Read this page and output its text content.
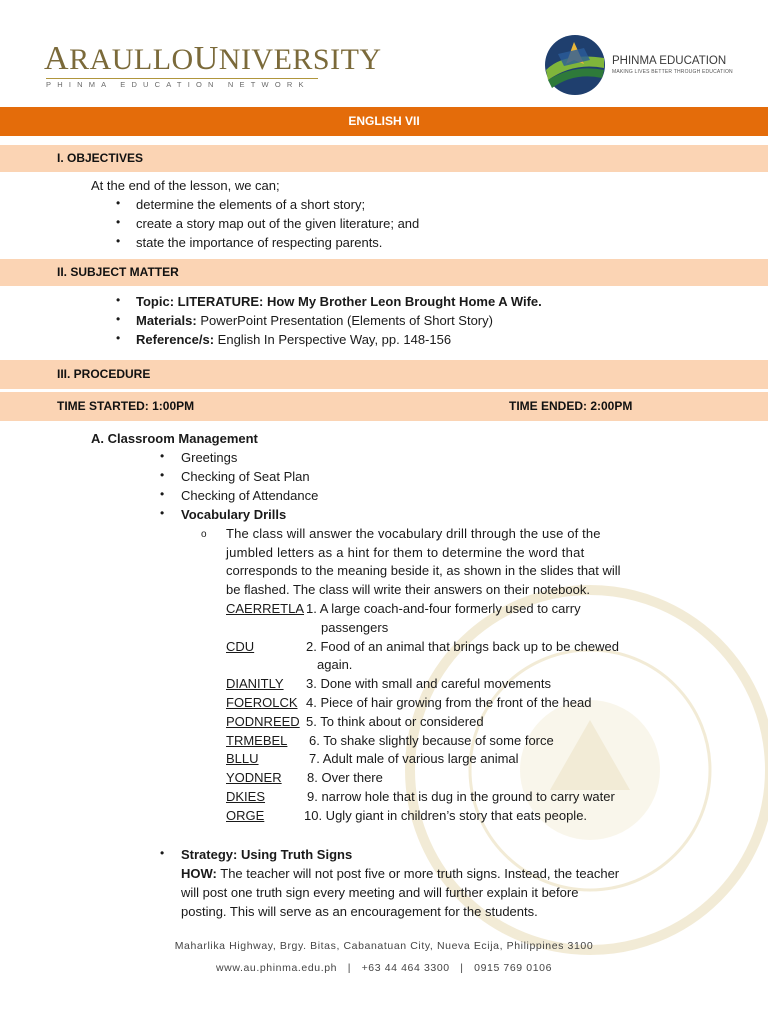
ARAULLOUNIVERSITY
PHINMA EDUCATION NETWORK
PHINMA EDUCATION
MAKING LIVES BETTER THROUGH EDUCATION
ENGLISH VII
I. OBJECTIVES
At the end of the lesson, we can;
• determine the elements of a short story;
• create a story map out of the given literature; and
• state the importance of respecting parents.
II. SUBJECT MATTER
• Topic: LITERATURE: How My Brother Leon Brought Home A Wife.
• Materials: PowerPoint Presentation (Elements of Short Story)
• Reference/s: English In Perspective Way, pp. 148-156
III. PROCEDURE
TIME STARTED: 1:00PM	TIME ENDED: 2:00PM
A. Classroom Management
• Greetings
• Checking of Seat Plan
• Checking of Attendance
• Vocabulary Drills
o The class will answer the vocabulary drill through the use of the
jumbled letters as a hint for them to determine the word that
corresponds to the meaning beside it, as shown in the slides that will
be flashed. The class will write their answers on their notebook.
CAERRETLA 1. A large coach-and-four formerly used to carry
passengers
CDU	2. Food of an animal that brings back up to be chewed
again.
DIANITLY 3. Done with small and careful movements
FOEROLCK 4. Piece of hair growing from the front of the head
PODNREED 5. To think about or considered
TRMEBEL 6. To shake slightly because of some force
BLLU	7. Adult male of various large animal
YODNER 8. Over there
DKIES	9. narrow hole that is dug in the ground to carry water
ORGE	10. Ugly giant in children’s story that eats people.
• Strategy: Using Truth Signs
HOW: The teacher will not post five or more truth signs. Instead, the teacher
will post one truth sign every meeting and will further explain it before
posting. This will serve as an encouragement for the students.
Maharlika Highway, Brgy. Bitas, Cabanatuan City, Nueva Ecija, Philippines 3100
www.au.phinma.edu.ph | +63 44 464 3300 | 0915 769 0106
